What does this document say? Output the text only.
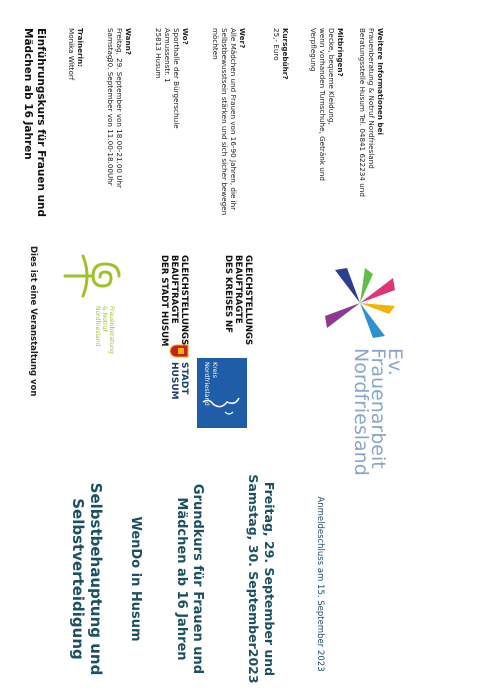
Einführungskurs für Frauen und
Mädchen ab 16 Jahren	Trainerin:
Monika Wittorf	Wann?
Freitag,
29. September von 18.00-21.00 Uhr
Samstag,
30. September von 11.00-18.00Uhr
Wo?
Sporthalle der Bürgerschule
Asmussenstr. 1
25813 Husum	Wer?
Alle Mädchen und Frauen von 16-90 Jahren, die ihr
Selbstbewusstsein stärken und sich sicher bewegen
möchten	Kursgebühr?
25,- Euro	Mitbringen?
Decke, bequeme Kleidung,
wenn vorhanden Turnschuhe, Getränk und
Verpflegung	Weitere Informationen bei
Frauenberatung & Notruf Nordfriesland
Beratungsstelle Husum Tel. 04841 622234 und
Dies ist eine Veranstaltung von	Frauenberatung
& Notruf
Nordfriesland	GLEICHSTELLUNGS
BEAUFTRAGTE
DER STADT HUSUM
STADT
HUSUM
GLEICHSTELLUNGS
BEAUFTRAGTE
DES KREISES NF
Kreis
Nordfriesland
Ev. Frauenarbeit
Nordfriesland
Selbstbehauptung und
Selbstverteidigung	WenDo in Husum	Grundkurs für Frauen und
Mädchen ab 16 Jahren	Freitag, 29. September und
Samstag, 30. September2023	Anmeldeschluss am 15. September 2023
